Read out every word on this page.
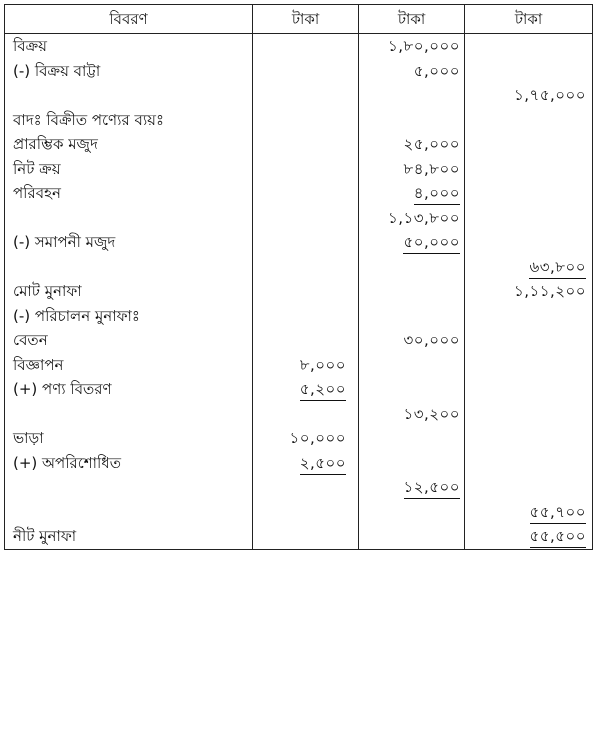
বিবরণ	টাকা	টাকা	টাকা
বিক্রয়		১,৮০,০০০	
(-) বিক্রয় বাট্টা		৫,০০০	
			১,৭৫,০০০
বাদঃ বিক্রীত পণ্যের ব্যয়ঃ			
প্রারম্ভিক মজুদ		২৫,০০০	
নিট ক্রয়		৮৪,৮০০	
পরিবহন		৪,০০০	
		১,১৩,৮০০	
(-) সমাপনী মজুদ		৫০,০০০	
			৬৩,৮০০
মোট মুনাফা			১,১১,২০০
(-) পরিচালন মুনাফাঃ			
বেতন		৩০,০০০	
বিজ্ঞাপন	৮,০০০		
(+) পণ্য বিতরণ	৫,২০০		
		১৩,২০০	
ভাড়া	১০,০০০		
(+) অপরিশোধিত	২,৫০০		
		১২,৫০০	
			৫৫,৭০০
নীট মুনাফা			৫৫,৫০০
